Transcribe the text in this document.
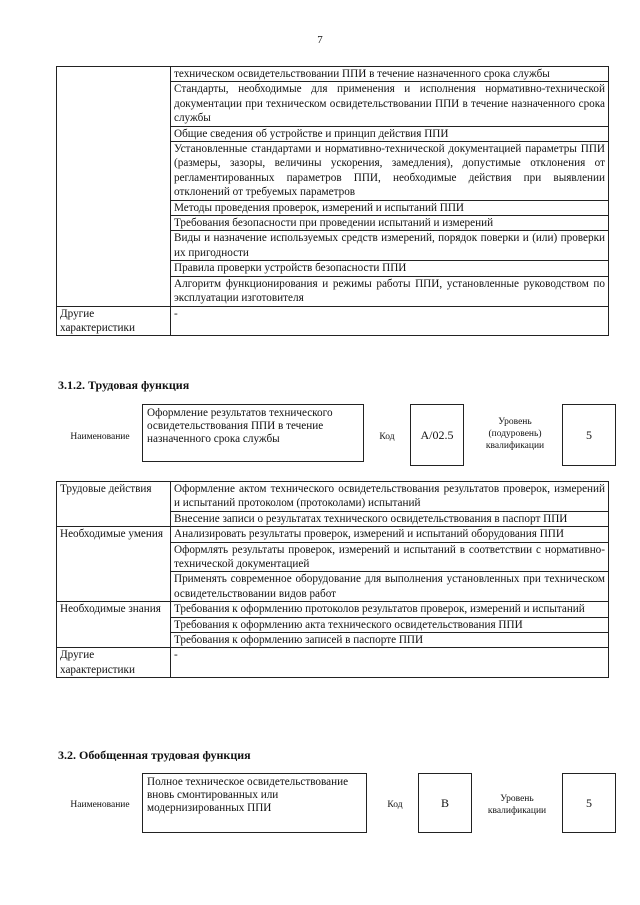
7
	техническом освидетельствовании ППИ в течение назначенного срока службы
	Стандарты, необходимые для применения и исполнения нормативно-технической документации при техническом освидетельствовании ППИ в течение назначенного срока службы
	Общие сведения об устройстве и принцип действия ППИ
	Установленные стандартами и нормативно-технической документацией параметры ППИ (размеры, зазоры, величины ускорения, замедления), допустимые отклонения от регламентированных параметров ППИ, необходимые действия при выявлении отклонений от требуемых параметров
	Методы проведения проверок, измерений и испытаний ППИ
	Требования безопасности при проведении испытаний и измерений
	Виды и назначение используемых средств измерений, порядок поверки и (или) проверки их пригодности
	Правила проверки устройств безопасности ППИ
	Алгоритм функционирования и режимы работы ППИ, установленные руководством по эксплуатации изготовителя
Другие характеристики	-
3.1.2. Трудовая функция
Наименование
Оформление результатов технического освидетельствования ППИ в течение назначенного срока службы	Код	A/02.5
Уровень (подуровень) квалификации
5
Трудовые действия	Оформление актом технического освидетельствования результатов проверок, измерений и испытаний протоколом (протоколами) испытаний
	Внесение записи о результатах технического освидетельствования в паспорт ППИ
Необходимые умения	Анализировать результаты проверок, измерений и испытаний оборудования ППИ
	Оформлять результаты проверок, измерений и испытаний в соответствии с нормативно-технической документацией
	Применять современное оборудование для выполнения установленных при техническом освидетельствовании видов работ
Необходимые знания	Требования к оформлению протоколов результатов проверок, измерений и испытаний
	Требования к оформлению акта технического освидетельствования ППИ
	Требования к оформлению записей в паспорте ППИ
Другие характеристики	-
3.2. Обобщенная трудовая функция
Наименование
Полное техническое освидетельствование вновь смонтированных или модернизированных ППИ	Код	B	Уровень квалификации
5
